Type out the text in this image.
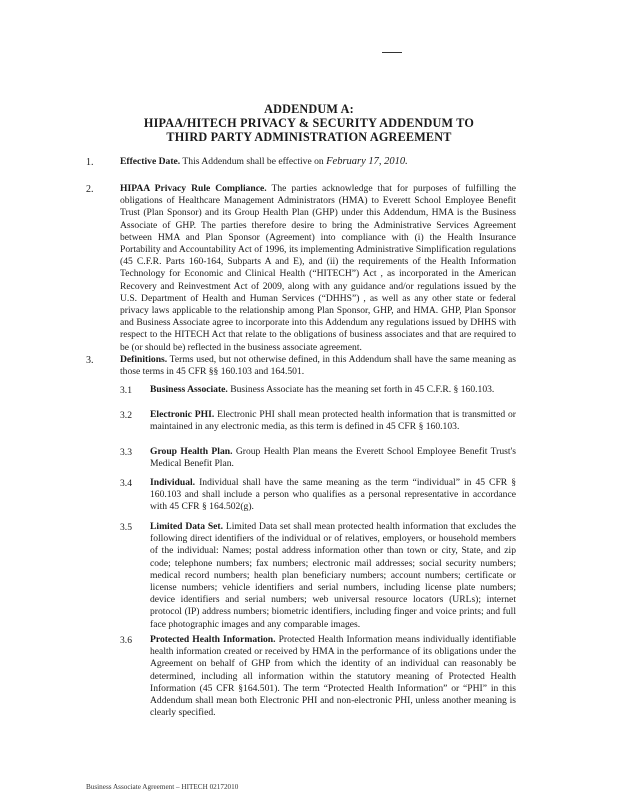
ADDENDUM A:
HIPAA/HITECH PRIVACY & SECURITY ADDENDUM TO
THIRD PARTY ADMINISTRATION AGREEMENT
1.	Effective Date. This Addendum shall be effective on February 17, 2010.
2.	HIPAA Privacy Rule Compliance. The parties acknowledge that for purposes of fulfilling the obligations of Healthcare Management Administrators (HMA) to Everett School Employee Benefit Trust (Plan Sponsor) and its Group Health Plan (GHP) under this Addendum, HMA is the Business Associate of GHP. The parties therefore desire to bring the Administrative Services Agreement between HMA and Plan Sponsor (Agreement) into compliance with (i) the Health Insurance Portability and Accountability Act of 1996, its implementing Administrative Simplification regulations (45 C.F.R. Parts 160-164, Subparts A and E), and (ii) the requirements of the Health Information Technology for Economic and Clinical Health (“HITECH”) Act , as incorporated in the American Recovery and Reinvestment Act of 2009, along with any guidance and/or regulations issued by the U.S. Department of Health and Human Services (“DHHS”) , as well as any other state or federal privacy laws applicable to the relationship among Plan Sponsor, GHP, and HMA. GHP, Plan Sponsor and Business Associate agree to incorporate into this Addendum any regulations issued by DHHS with respect to the HITECH Act that relate to the obligations of business associates and that are required to be (or should be) reflected in the business associate agreement.
3.	Definitions. Terms used, but not otherwise defined, in this Addendum shall have the same meaning as those terms in 45 CFR §§ 160.103 and 164.501.
3.1 Business Associate. Business Associate has the meaning set forth in 45 C.F.R. § 160.103.
3.2 Electronic PHI. Electronic PHI shall mean protected health information that is transmitted or maintained in any electronic media, as this term is defined in 45 CFR § 160.103.
3.3 Group Health Plan. Group Health Plan means the Everett School Employee Benefit Trust's Medical Benefit Plan.
3.4 Individual. Individual shall have the same meaning as the term “individual” in 45 CFR § 160.103 and shall include a person who qualifies as a personal representative in accordance with 45 CFR § 164.502(g).
3.5 Limited Data Set. Limited Data set shall mean protected health information that excludes the following direct identifiers of the individual or of relatives, employers, or household members of the individual: Names; postal address information other than town or city, State, and zip code; telephone numbers; fax numbers; electronic mail addresses; social security numbers; medical record numbers; health plan beneficiary numbers; account numbers; certificate or license numbers; vehicle identifiers and serial numbers, including license plate numbers; device identifiers and serial numbers; web universal resource locators (URLs); internet protocol (IP) address numbers; biometric identifiers, including finger and voice prints; and full face photographic images and any comparable images.
3.6 Protected Health Information. Protected Health Information means individually identifiable health information created or received by HMA in the performance of its obligations under the Agreement on behalf of GHP from which the identity of an individual can reasonably be determined, including all information within the statutory meaning of Protected Health Information (45 CFR §164.501). The term “Protected Health Information” or “PHI” in this Addendum shall mean both Electronic PHI and non-electronic PHI, unless another meaning is clearly specified.
Business Associate Agreement – HITECH 02172010
